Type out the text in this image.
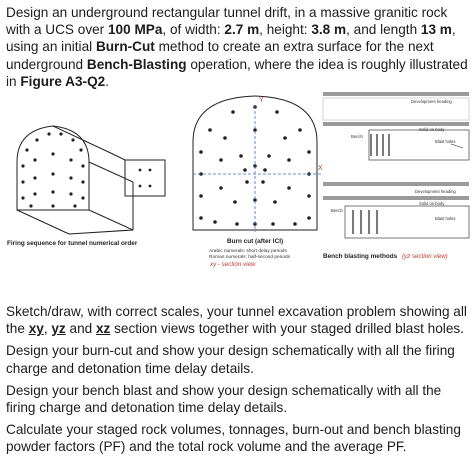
Design an underground rectangular tunnel drift, in a massive granitic rock with a UCS over 100 MPa, of width: 2.7 m, height: 3.8 m, and length 13 m, using an initial Burn-Cut method to create an extra surface for the next underground Bench-Blasting operation, where the idea is roughly illustrated in Figure A3-Q2.

Firing sequence for tunnel numerical order
Y
X
Burn cut (after ICI)
Arabic numerals: short delay periods
Roman numerals: half-second periods
xy - section view
Development heading
Solid on body
Bench
Blast holes
Development heading
Solid on body
Bench
Blast holes
Bench blasting methods (yz section view)

Sketch/draw, with correct scales, your tunnel excavation problem showing all the xy, yz and xz section views together with your staged drilled blast holes.

Design your burn-cut and show your design schematically with all the firing charge and detonation time delay details.

Design your bench blast and show your design schematically with all the firing charge and detonation time delay details.

Calculate your staged rock volumes, tonnages, burn-out and bench blasting powder factors (PF) and the total rock volume and the average PF.
